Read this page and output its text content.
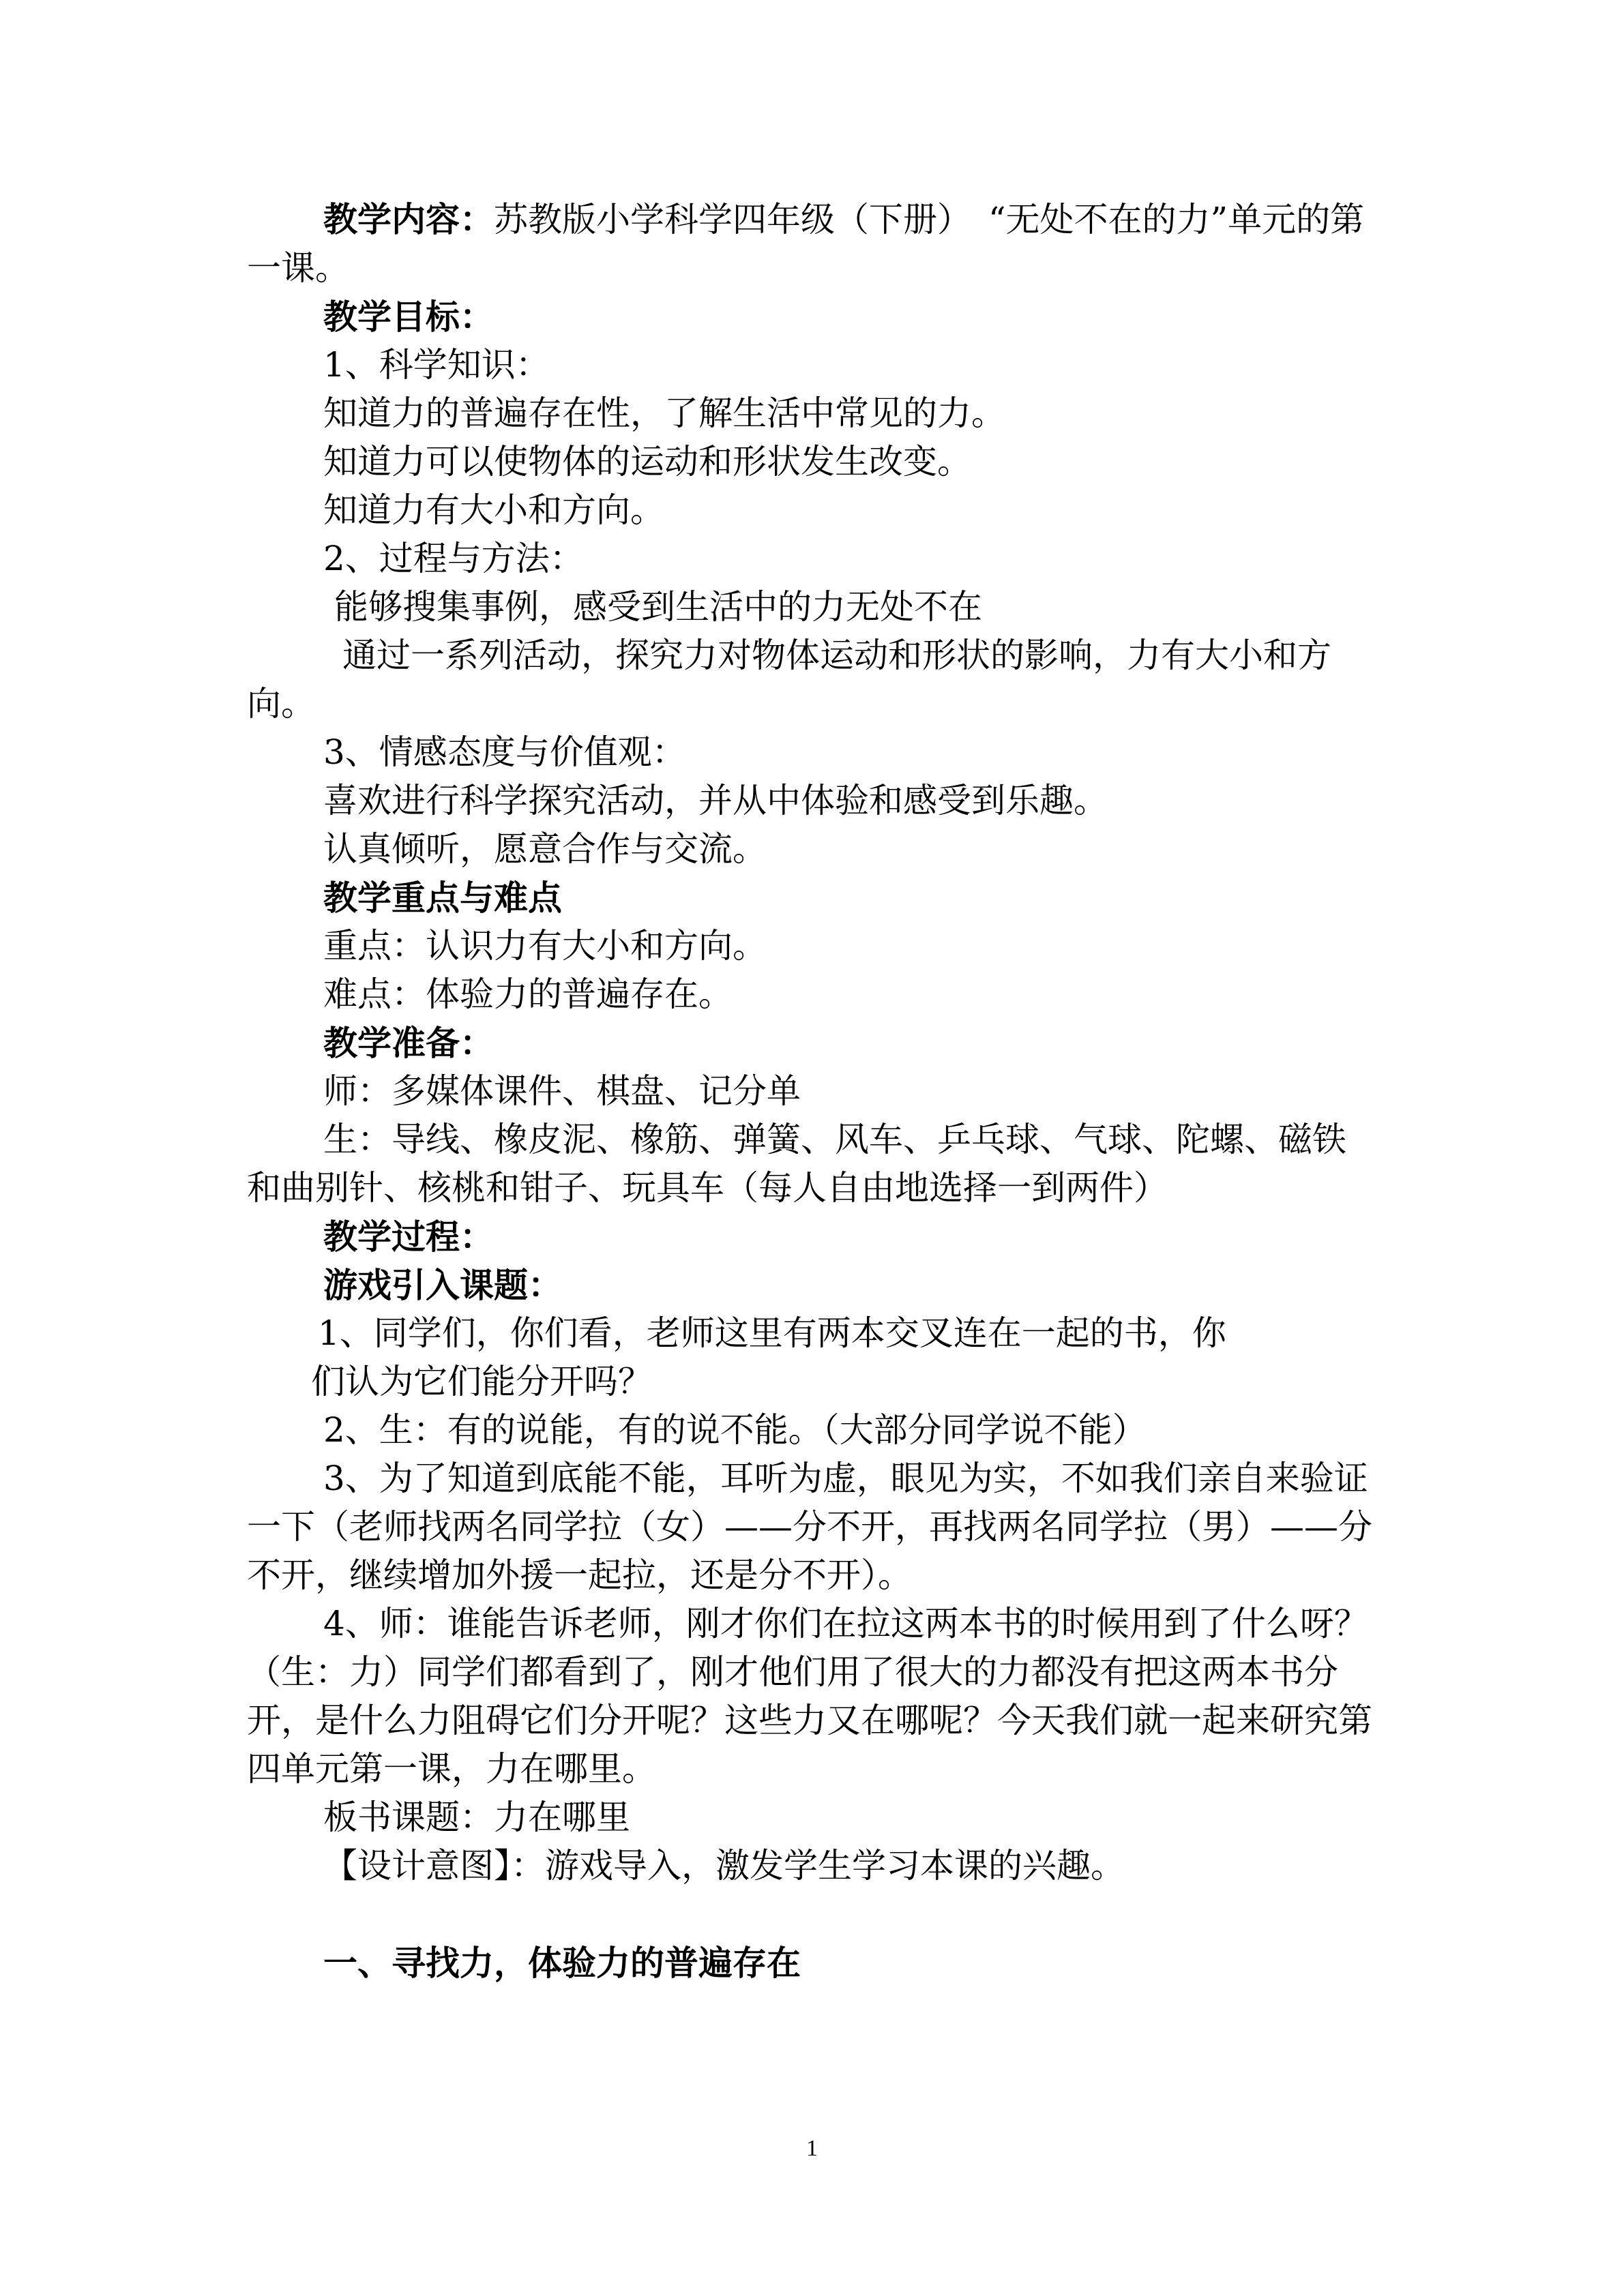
教学内容：苏教版小学科学四年级（下册）　“无处不在的力”单元的第一课。

教学目标：

1、科学知识：

知道力的普遍存在性，了解生活中常见的力。

知道力可以使物体的运动和形状发生改变。

知道力有大小和方向。

2、过程与方法：

能够搜集事例，感受到生活中的力无处不在

通过一系列活动，探究力对物体运动和形状的影响，力有大小和方向。

3、情感态度与价值观：

喜欢进行科学探究活动，并从中体验和感受到乐趣。

认真倾听，愿意合作与交流。

教学重点与难点

重点：认识力有大小和方向。

难点：体验力的普遍存在。

教学准备：

师：多媒体课件、棋盘、记分单

生：导线、橡皮泥、橡筋、弹簧、风车、乒乓球、气球、陀螺、磁铁和曲别针、核桃和钳子、玩具车（每人自由地选择一到两件）

教学过程：

游戏引入课题：

1、同学们，你们看，老师这里有两本交叉连在一起的书，你

们认为它们能分开吗？

2、生：有的说能，有的说不能。（大部分同学说不能）

3、为了知道到底能不能，耳听为虚，眼见为实，不如我们亲自来验证一下（老师找两名同学拉（女）——分不开，再找两名同学拉（男）——分不开，继续增加外援一起拉，还是分不开）。

4、师：谁能告诉老师，刚才你们在拉这两本书的时候用到了什么呀？（生：力）同学们都看到了，刚才他们用了很大的力都没有把这两本书分开，是什么力阻碍它们分开呢？这些力又在哪呢？今天我们就一起来研究第四单元第一课，力在哪里。

板书课题：力在哪里

【设计意图】：游戏导入，激发学生学习本课的兴趣。

一、寻找力，体验力的普遍存在

1
